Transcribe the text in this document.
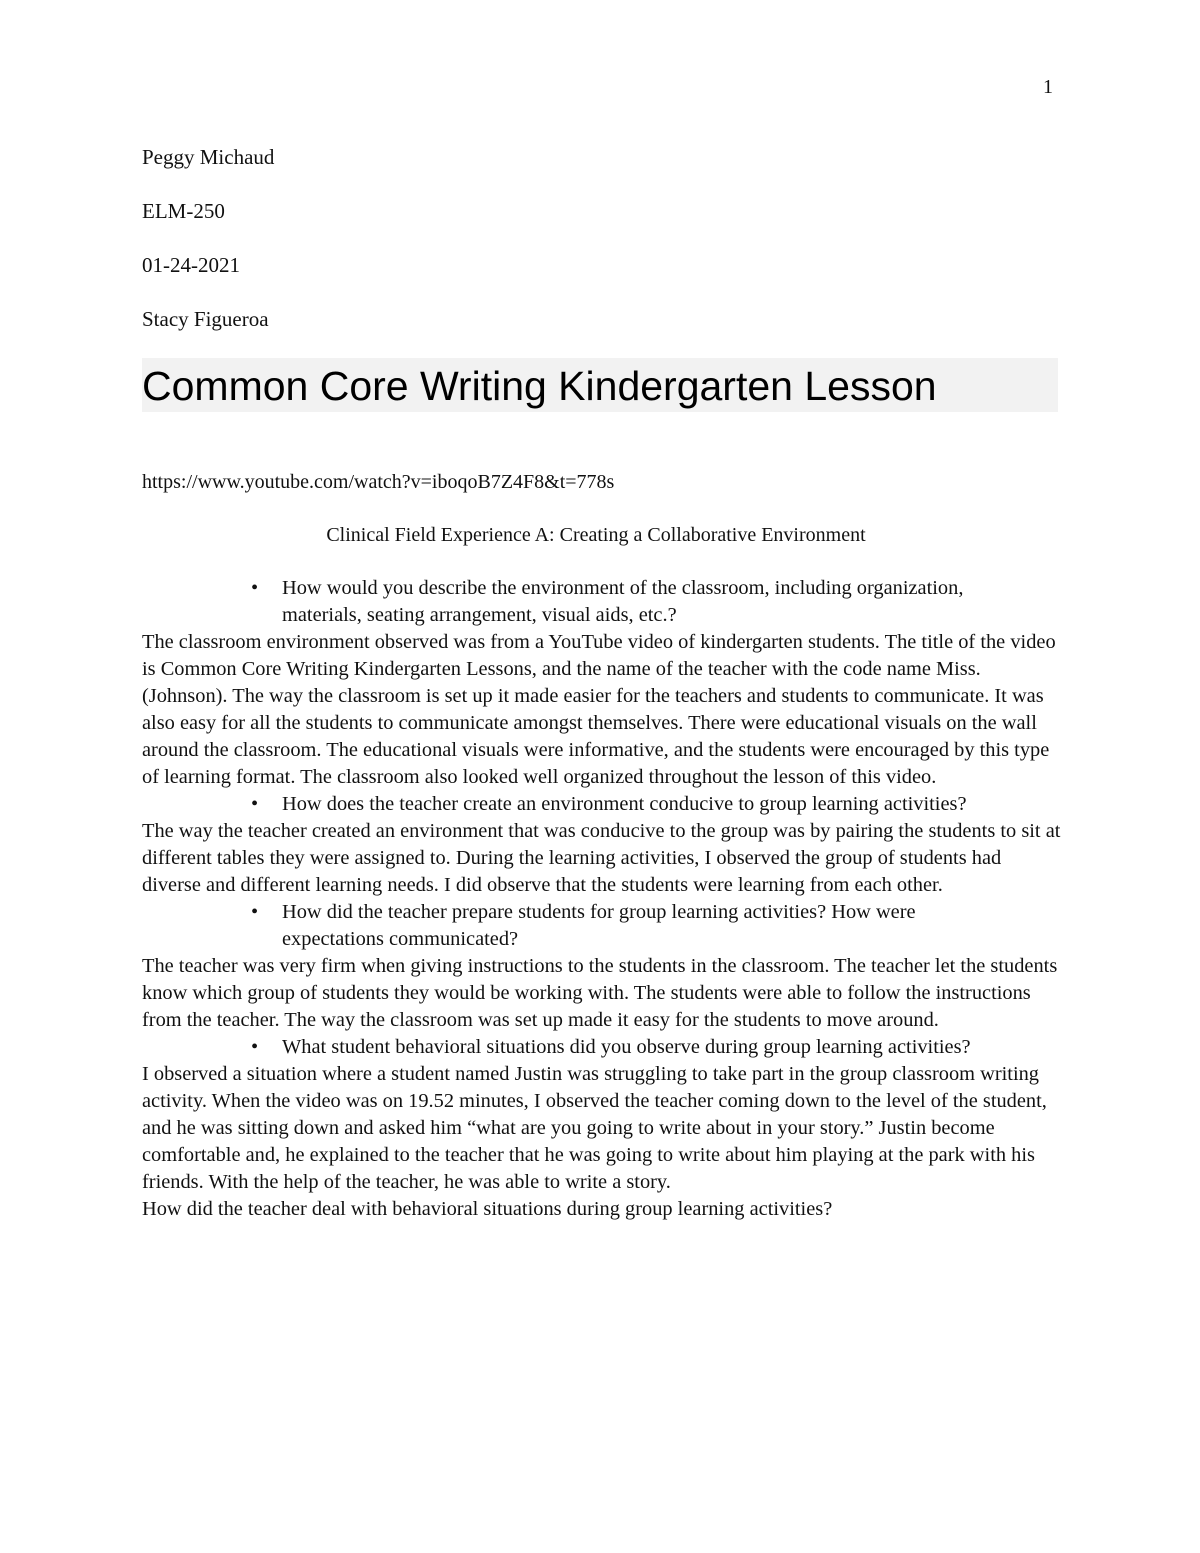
1
Peggy Michaud
ELM-250
01-24-2021
Stacy Figueroa
Common Core Writing Kindergarten Lesson
https://www.youtube.com/watch?v=iboqoB7Z4F8&t=778s
Clinical Field Experience A: Creating a Collaborative Environment
• How would you describe the environment of the classroom, including organization, materials, seating arrangement, visual aids, etc.?

The classroom environment observed was from a YouTube video of kindergarten students. The title of the video is Common Core Writing Kindergarten Lessons, and the name of the teacher with the code name Miss. (Johnson). The way the classroom is set up it made easier for the teachers and students to communicate. It was also easy for all the students to communicate amongst themselves. There were educational visuals on the wall around the classroom. The educational visuals were informative, and the students were encouraged by this type of learning format. The classroom also looked well organized throughout the lesson of this video.

• How does the teacher create an environment conducive to group learning activities?

The way the teacher created an environment that was conducive to the group was by pairing the students to sit at different tables they were assigned to. During the learning activities, I observed the group of students had diverse and different learning needs. I did observe that the students were learning from each other.

• How did the teacher prepare students for group learning activities? How were expectations communicated?

The teacher was very firm when giving instructions to the students in the classroom. The teacher let the students know which group of students they would be working with. The students were able to follow the instructions from the teacher. The way the classroom was set up made it easy for the students to move around.

• What student behavioral situations did you observe during group learning activities?

I observed a situation where a student named Justin was struggling to take part in the group classroom writing activity. When the video was on 19.52 minutes, I observed the teacher coming down to the level of the student, and he was sitting down and asked him “what are you going to write about in your story.” Justin become comfortable and, he explained to the teacher that he was going to write about him playing at the park with his friends. With the help of the teacher, he was able to write a story.

How did the teacher deal with behavioral situations during group learning activities?
